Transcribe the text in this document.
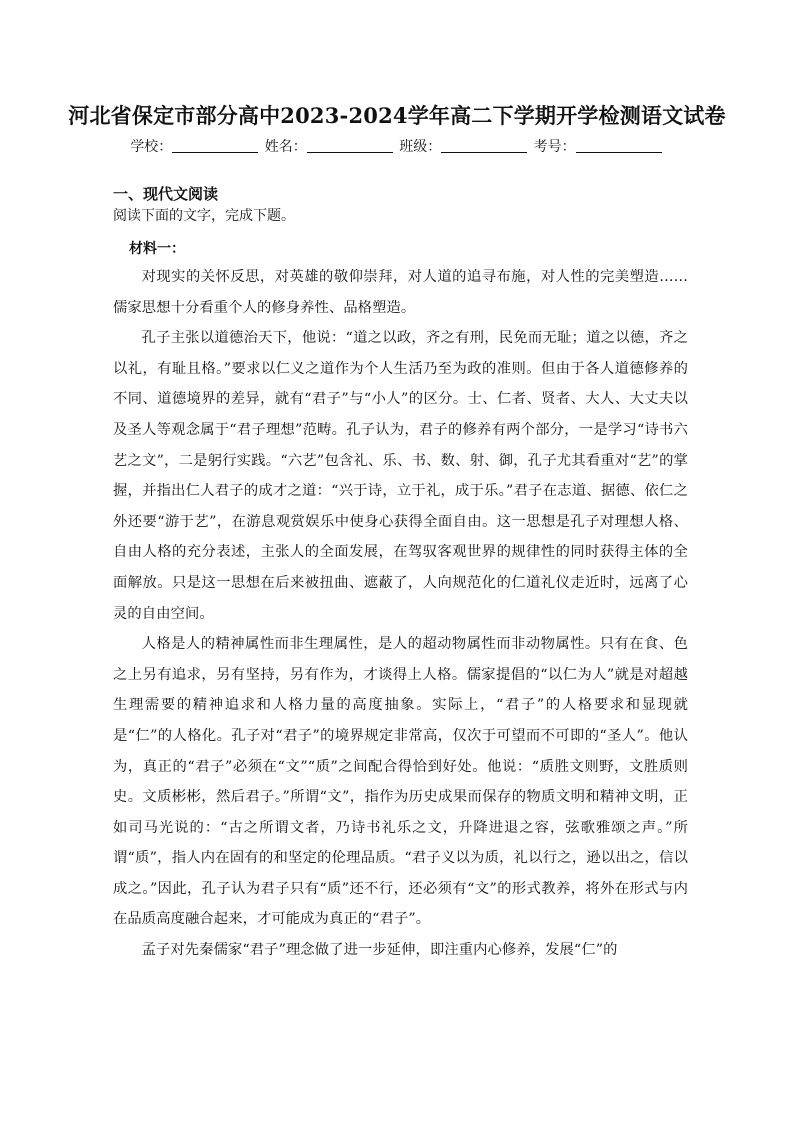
河北省保定市部分高中2023-2024学年高二下学期开学检测语文试卷
学校：	姓名：	班级：	考号：
一、现代文阅读

阅读下面的文字，完成下题。

材料一：

对现实的关怀反思，对英雄的敬仰崇拜，对人道的追寻布施，对人性的完美塑造……儒家思想十分看重个人的修身养性、品格塑造。

孔子主张以道德治天下，他说：“道之以政，齐之有刑，民免而无耻；道之以德，齐之以礼，有耻且格。”要求以仁义之道作为个人生活乃至为政的准则。但由于各人道德修养的不同、道德境界的差异，就有“君子”与“小人”的区分。士、仁者、贤者、大人、大丈夫以及圣人等观念属于“君子理想”范畴。孔子认为，君子的修养有两个部分，一是学习“诗书六艺之文”，二是躬行实践。“六艺”包含礼、乐、书、数、射、御，孔子尤其看重对“艺”的掌握，并指出仁人君子的成才之道：“兴于诗，立于礼，成于乐。”君子在志道、据德、依仁之外还要“游于艺”，在游息观赏娱乐中使身心获得全面自由。这一思想是孔子对理想人格、自由人格的充分表述，主张人的全面发展，在驾驭客观世界的规律性的同时获得主体的全面解放。只是这一思想在后来被扭曲、遮蔽了，人向规范化的仁道礼仪走近时，远离了心灵的自由空间。

人格是人的精神属性而非生理属性，是人的超动物属性而非动物属性。只有在食、色之上另有追求，另有坚持，另有作为，才谈得上人格。儒家提倡的“以仁为人”就是对超越生理需要的精神追求和人格力量的高度抽象。实际上，“君子”的人格要求和显现就是“仁”的人格化。孔子对“君子”的境界规定非常高，仅次于可望而不可即的“圣人”。他认为，真正的“君子”必须在“文”“质”之间配合得恰到好处。他说：“质胜文则野，文胜质则史。文质彬彬，然后君子。”所谓“文”，指作为历史成果而保存的物质文明和精神文明，正如司马光说的：“古之所谓文者，乃诗书礼乐之文，升降进退之容，弦歌雅颂之声。”所谓“质”，指人内在固有的和坚定的伦理品质。“君子义以为质，礼以行之，逊以出之，信以成之。”因此，孔子认为君子只有“质”还不行，还必须有“文”的形式教养，将外在形式与内在品质高度融合起来，才可能成为真正的“君子”。

孟子对先秦儒家“君子”理念做了进一步延伸，即注重内心修养，发展“仁”的
